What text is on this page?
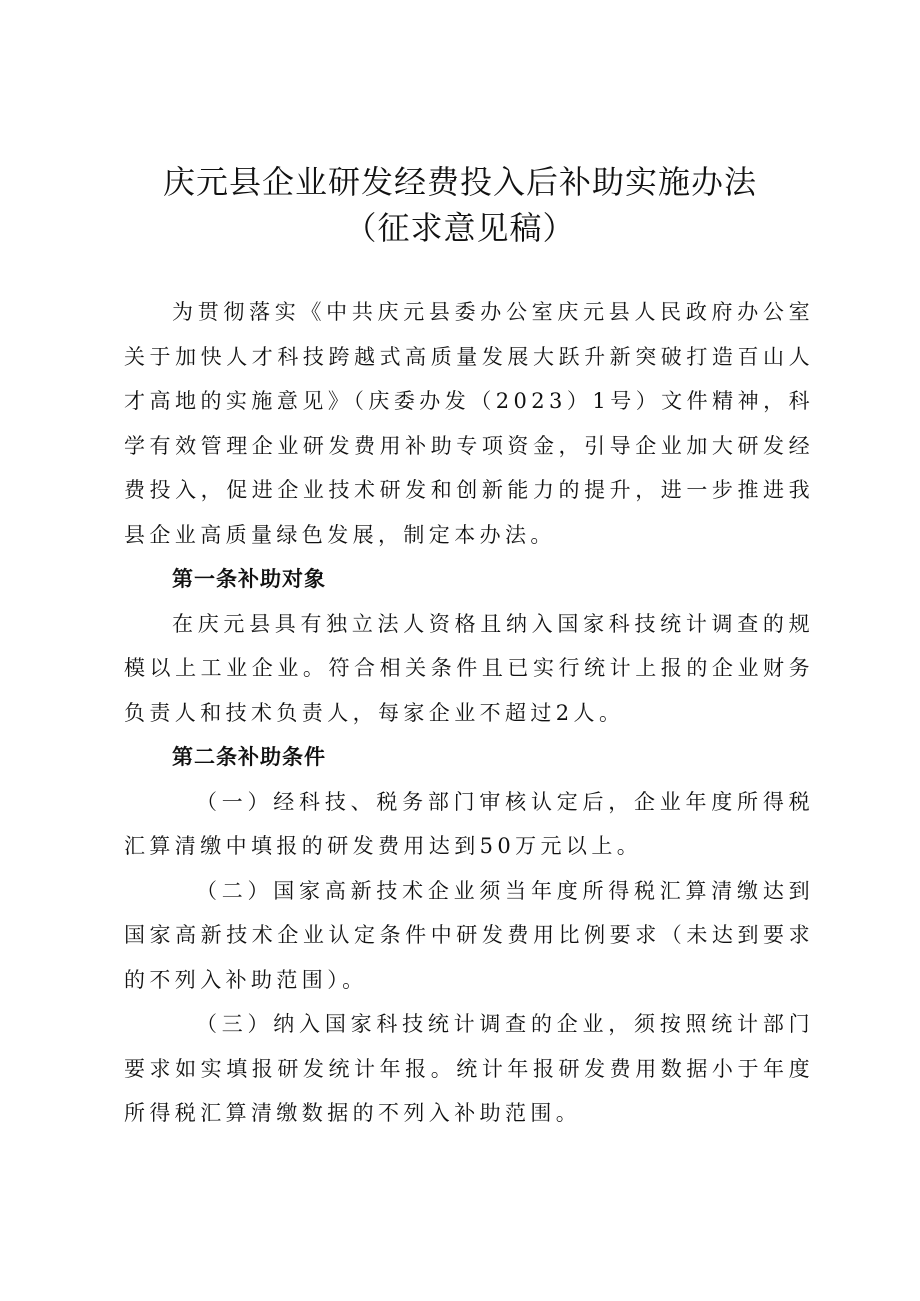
庆元县企业研发经费投入后补助实施办法
（征求意见稿）

为贯彻落实《中共庆元县委办公室庆元县人民政府办公室关于加快人才科技跨越式高质量发展大跃升新突破打造百山人才高地的实施意见》（庆委办发（2023）1号）文件精神，科学有效管理企业研发费用补助专项资金，引导企业加大研发经费投入，促进企业技术研发和创新能力的提升，进一步推进我县企业高质量绿色发展，制定本办法。

第一条补助对象

在庆元县具有独立法人资格且纳入国家科技统计调查的规模以上工业企业。符合相关条件且已实行统计上报的企业财务负责人和技术负责人，每家企业不超过2人。

第二条补助条件

（一）经科技、税务部门审核认定后，企业年度所得税汇算清缴中填报的研发费用达到50万元以上。

（二）国家高新技术企业须当年度所得税汇算清缴达到国家高新技术企业认定条件中研发费用比例要求（未达到要求的不列入补助范围）。

（三）纳入国家科技统计调查的企业，须按照统计部门要求如实填报研发统计年报。统计年报研发费用数据小于年度所得税汇算清缴数据的不列入补助范围。
